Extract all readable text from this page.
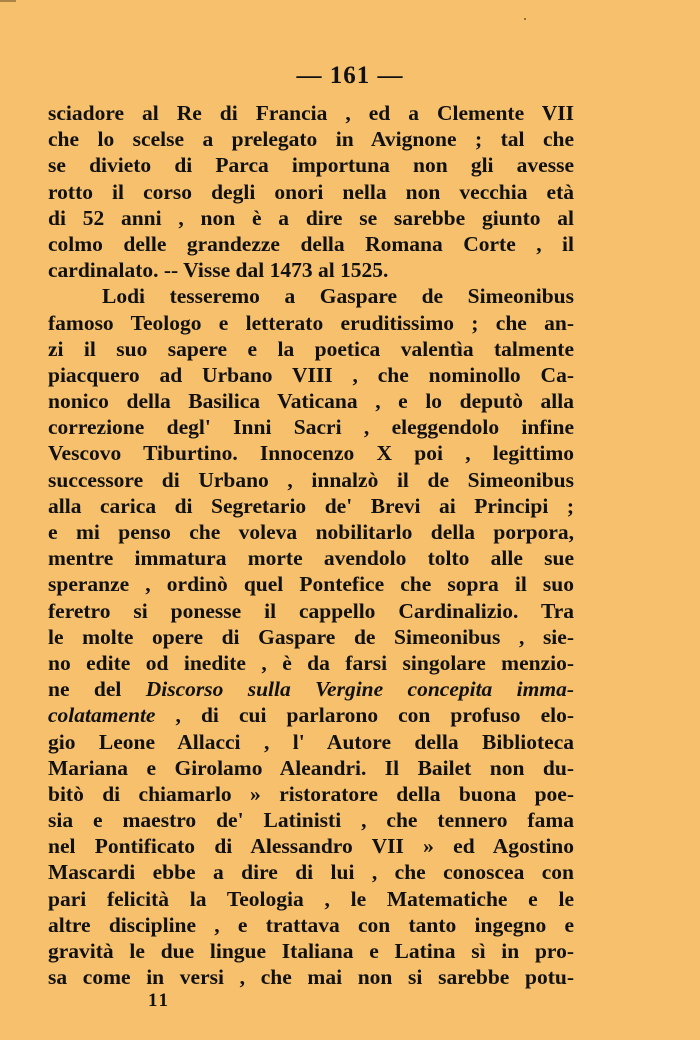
— 161 —
sciadore al Re di Francia , ed a Clemente VII
che lo scelse a prelegato in Avignone ; tal che
se divieto di Parca importuna non gli avesse
rotto il corso degli onori nella non vecchia età
di 52 anni , non è a dire se sarebbe giunto al
colmo delle grandezze della Romana Corte , il
cardinalato. -- Visse dal 1473 al 1525.
Lodi tesseremo a Gaspare de Simeonibus
famoso Teologo e letterato eruditissimo ; che an-
zi il suo sapere e la poetica valentìa talmente
piacquero ad Urbano VIII , che nominollo Ca-
nonico della Basilica Vaticana , e lo deputò alla
correzione degl' Inni Sacri , eleggendolo infine
Vescovo Tiburtino. Innocenzo X poi , legittimo
successore di Urbano , innalzò il de Simeonibus
alla carica di Segretario de' Brevi ai Principi ;
e mi penso che voleva nobilitarlo della porpora,
mentre immatura morte avendolo tolto alle sue
speranze , ordinò quel Pontefice che sopra il suo
feretro si ponesse il cappello Cardinalizio. Tra
le molte opere di Gaspare de Simeonibus , sie-
no edite od inedite , è da farsi singolare menzio-
ne del Discorso sulla Vergine concepita imma-
colatamente , di cui parlarono con profuso elo-
gio Leone Allacci , l' Autore della Biblioteca
Mariana e Girolamo Aleandri. Il Bailet non du-
bitò di chiamarlo » ristoratore della buona poe-
sia e maestro de' Latinisti , che tennero fama
nel Pontificato di Alessandro VII » ed Agostino
Mascardi ebbe a dire di lui , che conoscea con
pari felicità la Teologia , le Matematiche e le
altre discipline , e trattava con tanto ingegno e
gravità le due lingue Italiana e Latina sì in pro-
sa come in versi , che mai non si sarebbe potu-
11
